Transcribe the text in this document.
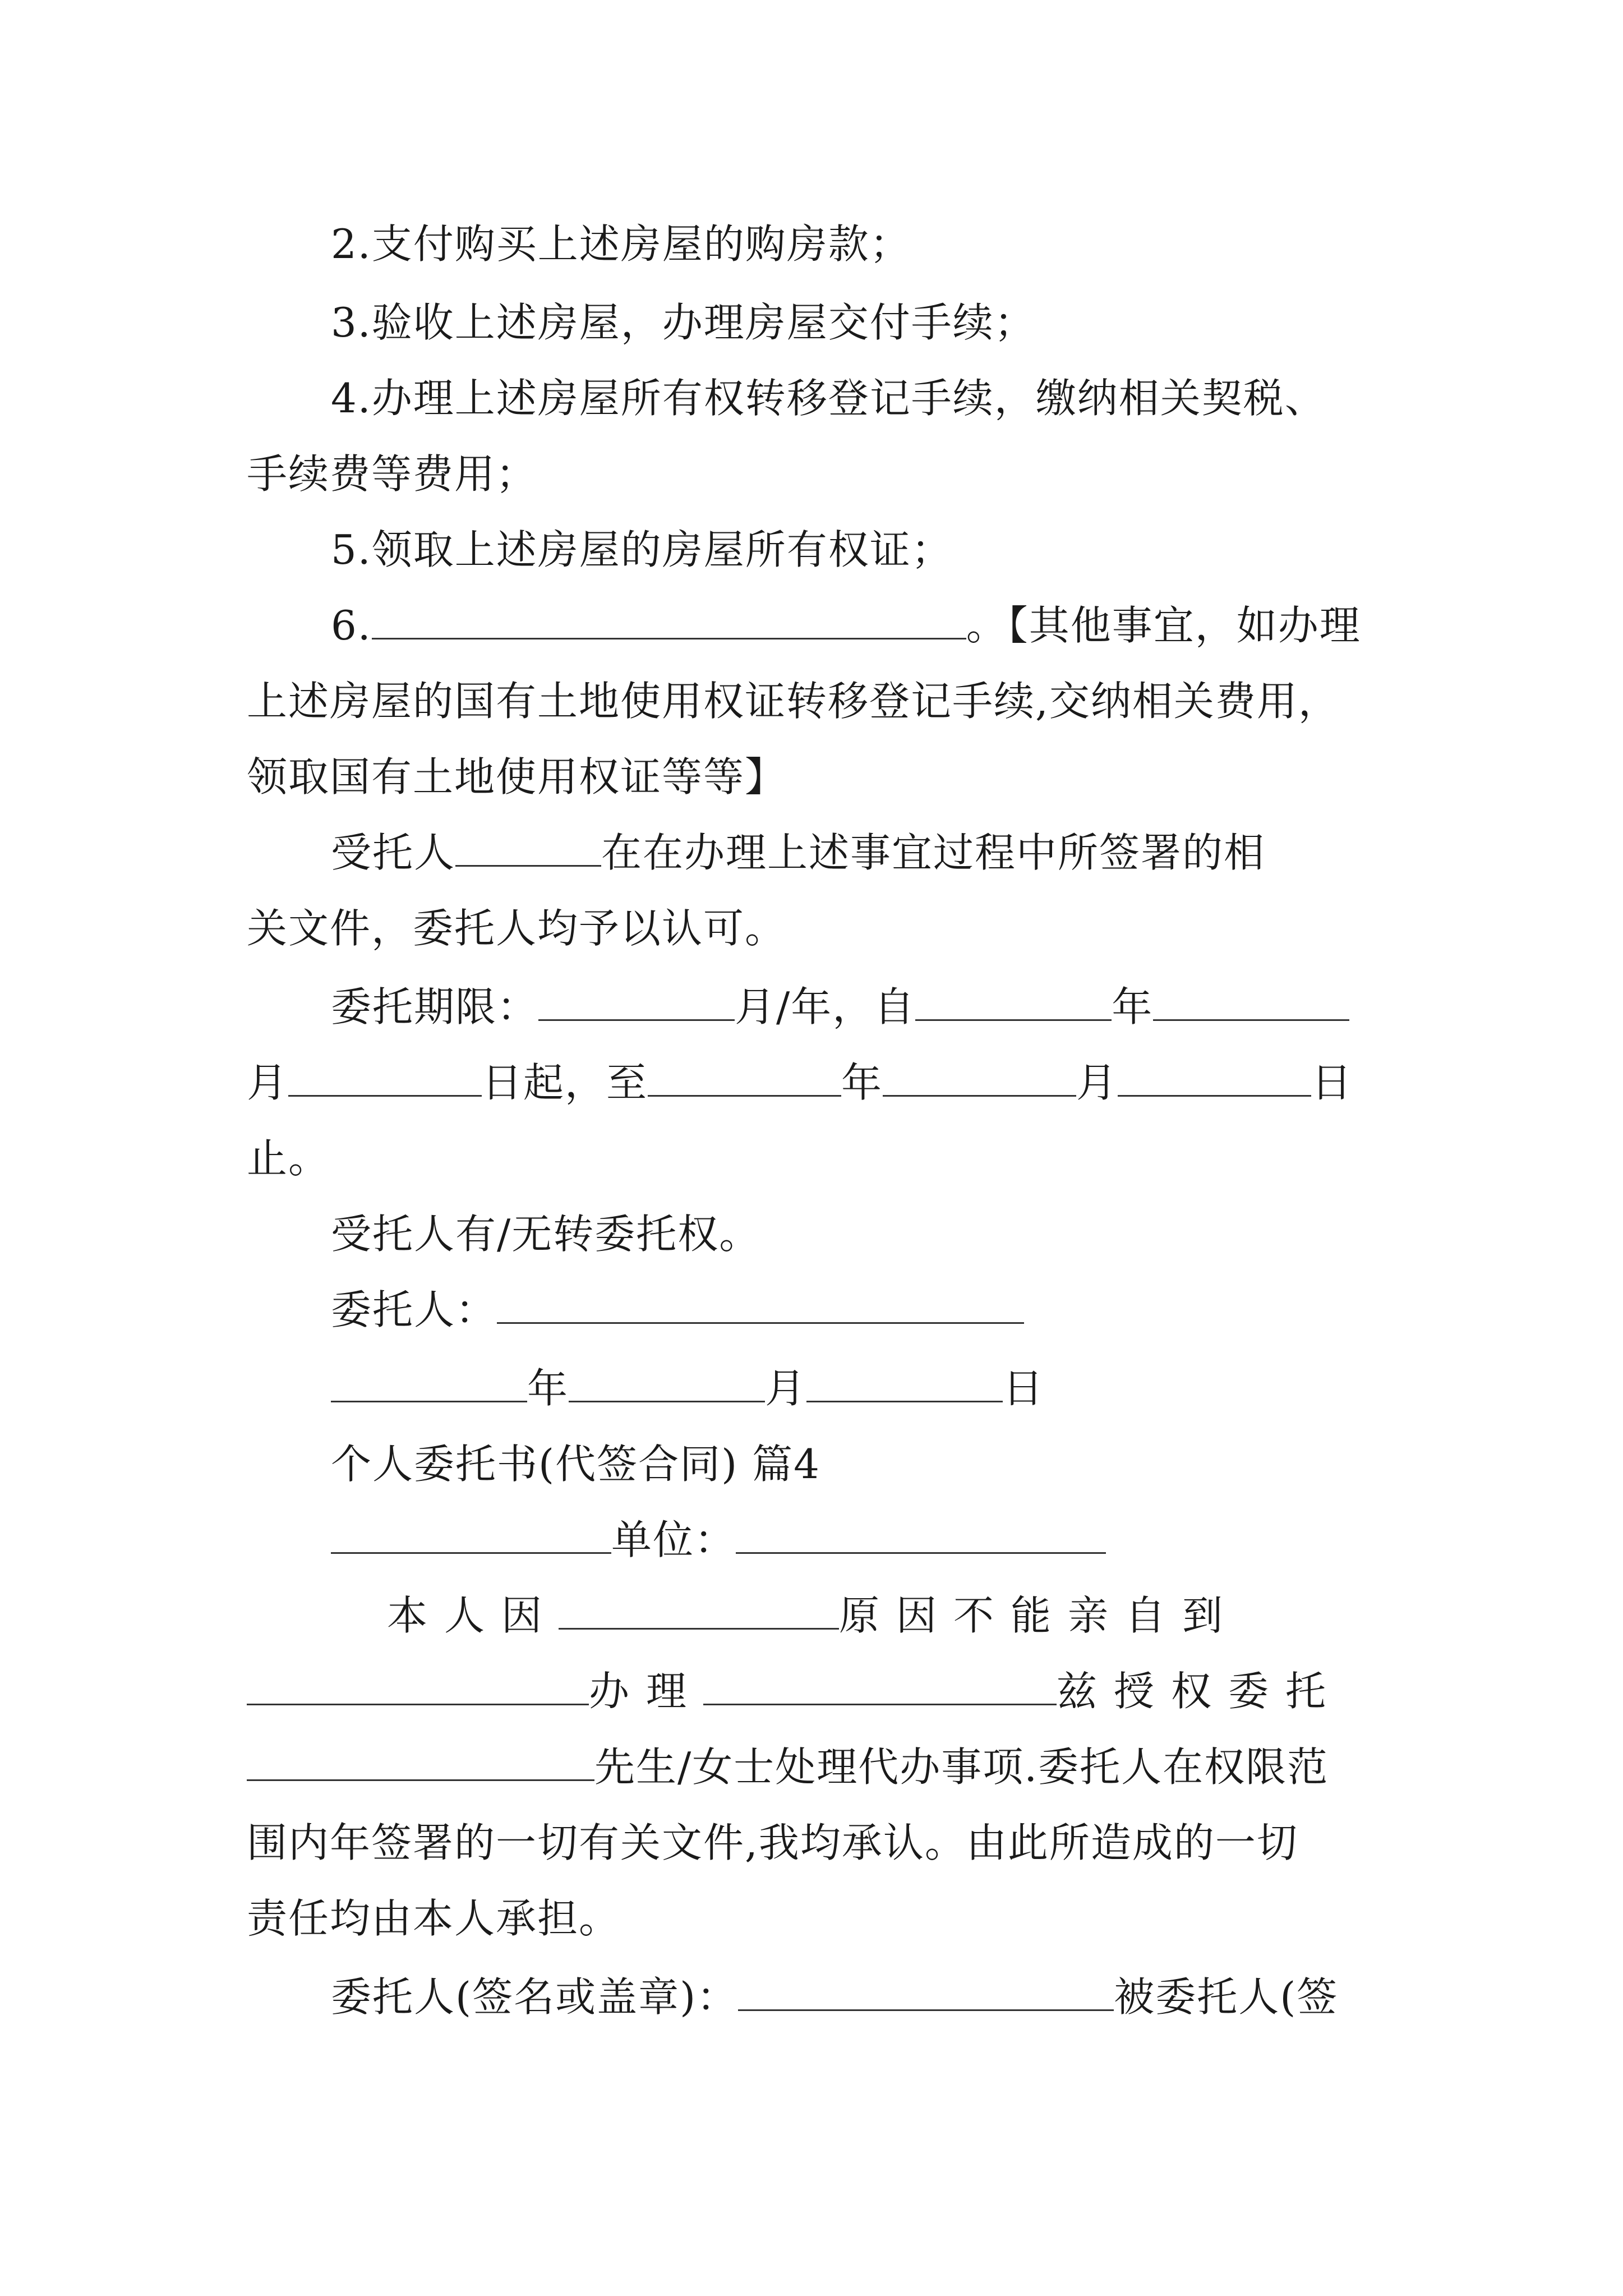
2.支付购买上述房屋的购房款；
3.验收上述房屋，办理房屋交付手续；
4.办理上述房屋所有权转移登记手续，缴纳相关契税、
手续费等费用；
5.领取上述房屋的房屋所有权证；
6.	。【其他事宜，如办理
上述房屋的国有土地使用权证转移登记手续,交纳相关费用，
领取国有土地使用权证等等】
受托人	在在办理上述事宜过程中所签署的相
关文件，委托人均予以认可。
委托期限：	月/年，自	年
月	日起，至	年	月	日
止。
受托人有/无转委托权。
委托人：
年	月	日
个人委托书(代签合同) 篇4
单位：
本人因	原因不能亲自到
办理	兹授权委托
先生/女士处理代办事项.委托人在权限范
围内年签署的一切有关文件,我均承认。由此所造成的一切
责任均由本人承担。
委托人(签名或盖章)：	被委托人(签
